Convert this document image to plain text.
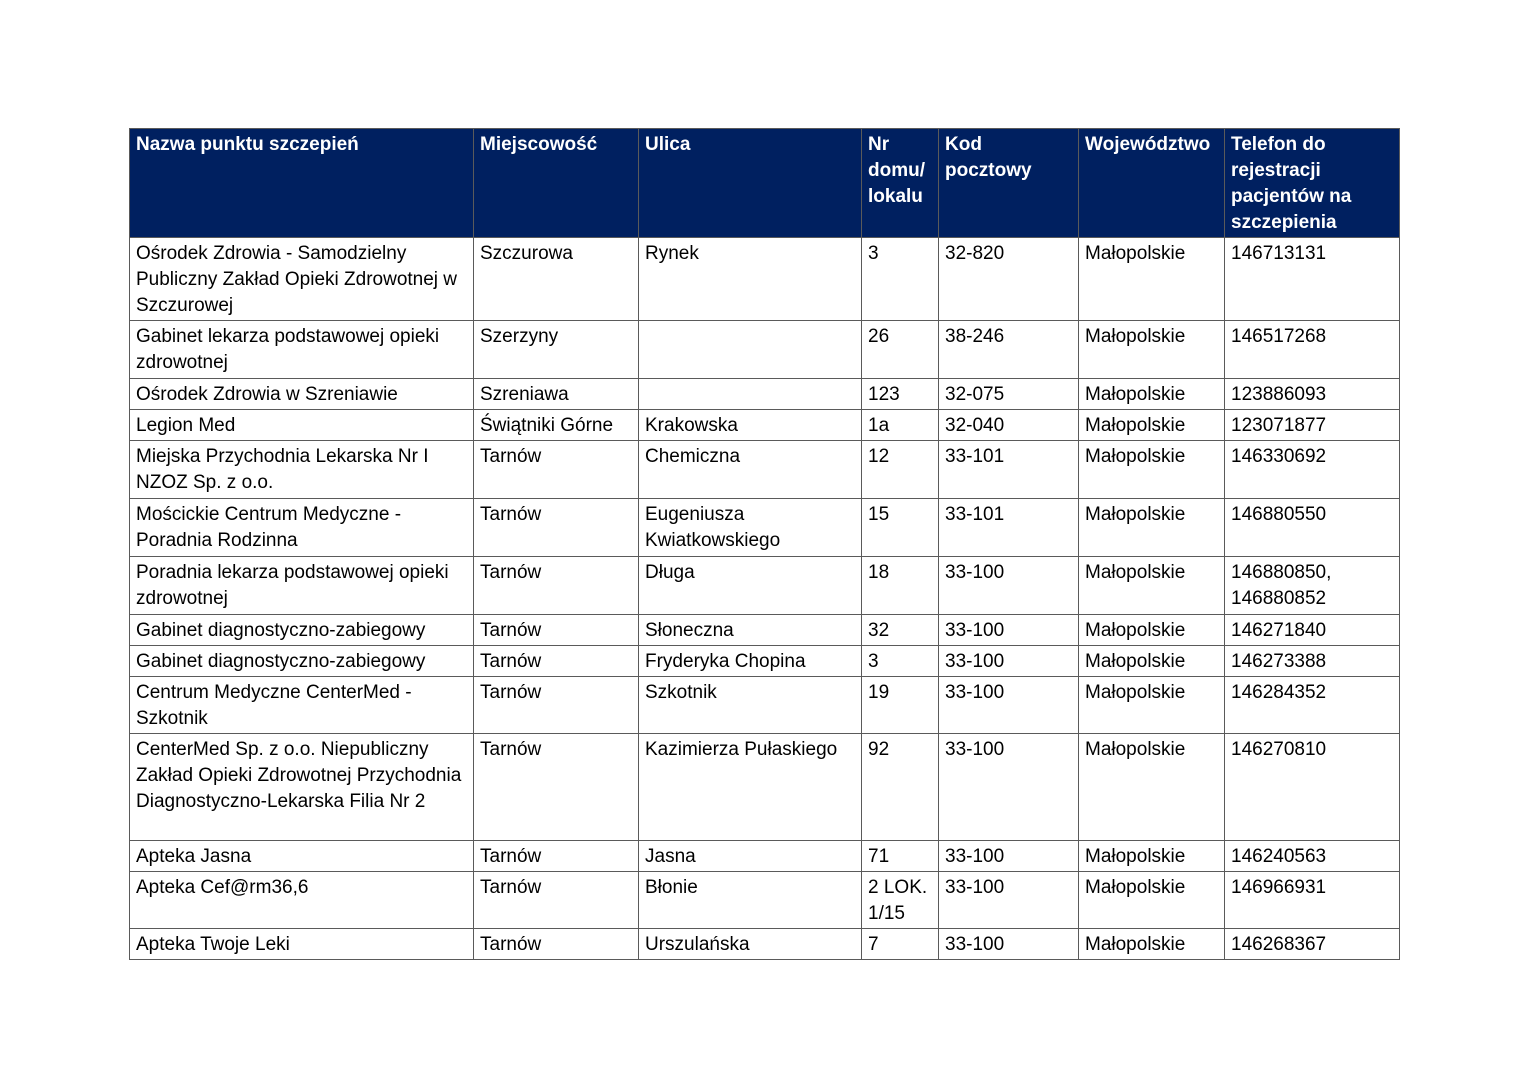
Nazwa punktu szczepień	Miejscowość	Ulica	Nr domu/ lokalu	Kod pocztowy	Województwo	Telefon do rejestracji pacjentów na szczepienia
Ośrodek Zdrowia - Samodzielny Publiczny Zakład Opieki Zdrowotnej w Szczurowej	Szczurowa	Rynek	3	32-820	Małopolskie	146713131
Gabinet lekarza podstawowej opieki zdrowotnej	Szerzyny		26	38-246	Małopolskie	146517268
Ośrodek Zdrowia w Szreniawie	Szreniawa		123	32-075	Małopolskie	123886093
Legion Med	Świątniki Górne	Krakowska	1a	32-040	Małopolskie	123071877
Miejska Przychodnia Lekarska Nr I NZOZ Sp. z o.o.	Tarnów	Chemiczna	12	33-101	Małopolskie	146330692
Mościckie Centrum Medyczne - Poradnia Rodzinna	Tarnów	Eugeniusza Kwiatkowskiego	15	33-101	Małopolskie	146880550
Poradnia lekarza podstawowej opieki zdrowotnej	Tarnów	Długa	18	33-100	Małopolskie	146880850, 146880852
Gabinet diagnostyczno-zabiegowy	Tarnów	Słoneczna	32	33-100	Małopolskie	146271840
Gabinet diagnostyczno-zabiegowy	Tarnów	Fryderyka Chopina	3	33-100	Małopolskie	146273388
Centrum Medyczne CenterMed - Szkotnik	Tarnów	Szkotnik	19	33-100	Małopolskie	146284352
CenterMed Sp. z o.o. Niepubliczny Zakład Opieki Zdrowotnej Przychodnia Diagnostyczno-Lekarska Filia Nr 2	Tarnów	Kazimierza Pułaskiego	92	33-100	Małopolskie	146270810
Apteka Jasna	Tarnów	Jasna	71	33-100	Małopolskie	146240563
Apteka Cef@rm36,6	Tarnów	Błonie	2 LOK. 1/15	33-100	Małopolskie	146966931
Apteka Twoje Leki	Tarnów	Urszulańska	7	33-100	Małopolskie	146268367
